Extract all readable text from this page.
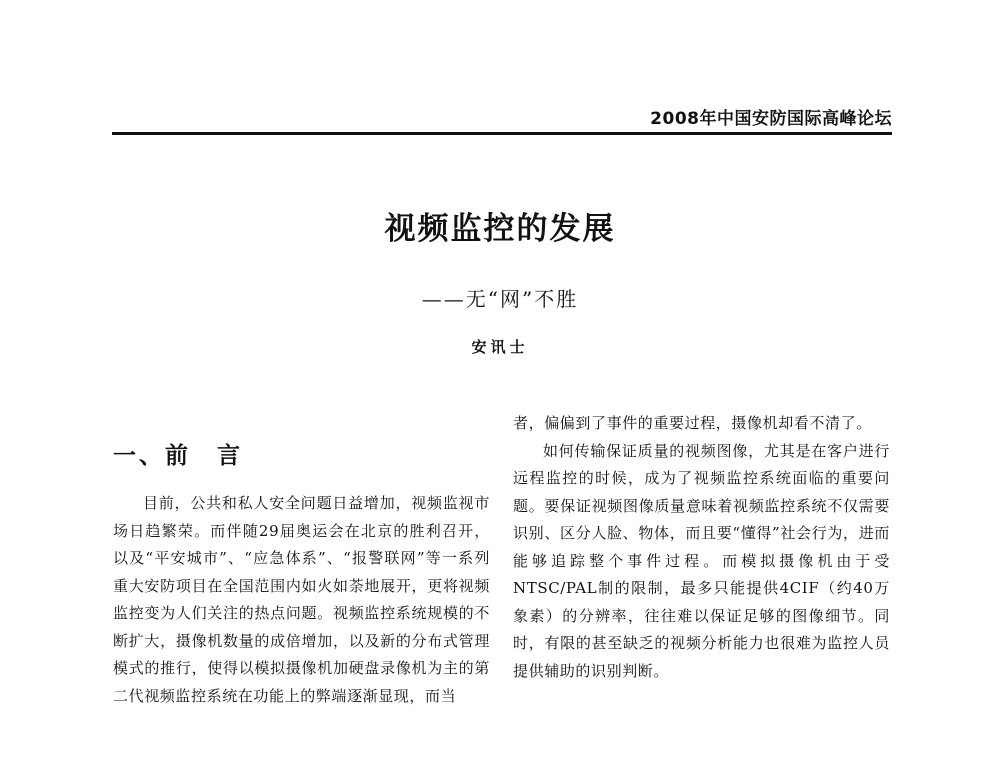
2008年中国安防国际高峰论坛
视频监控的发展
——无“网”不胜
安讯士
一、前　言

目前，公共和私人安全问题日益增加，视频监视市场日趋繁荣。而伴随29届奥运会在北京的胜利召开，以及“平安城市”、“应急体系”、“报警联网”等一系列重大安防项目在全国范围内如火如荼地展开，更将视频监控变为人们关注的热点问题。视频监控系统规模的不断扩大，摄像机数量的成倍增加，以及新的分布式管理模式的推行，使得以模拟摄像机加硬盘录像机为主的第二代视频监控系统在功能上的弊端逐渐显现，而当

者，偏偏到了事件的重要过程，摄像机却看不清了。

如何传输保证质量的视频图像，尤其是在客户进行远程监控的时候，成为了视频监控系统面临的重要问题。要保证视频图像质量意味着视频监控系统不仅需要识别、区分人脸、物体，而且要“懂得”社会行为，进而能够追踪整个事件过程。而模拟摄像机由于受NTSC/PAL制的限制，最多只能提供4CIF（约40万象素）的分辨率，往往难以保证足够的图像细节。同时，有限的甚至缺乏的视频分析能力也很难为监控人员提供辅助的识别判断。
